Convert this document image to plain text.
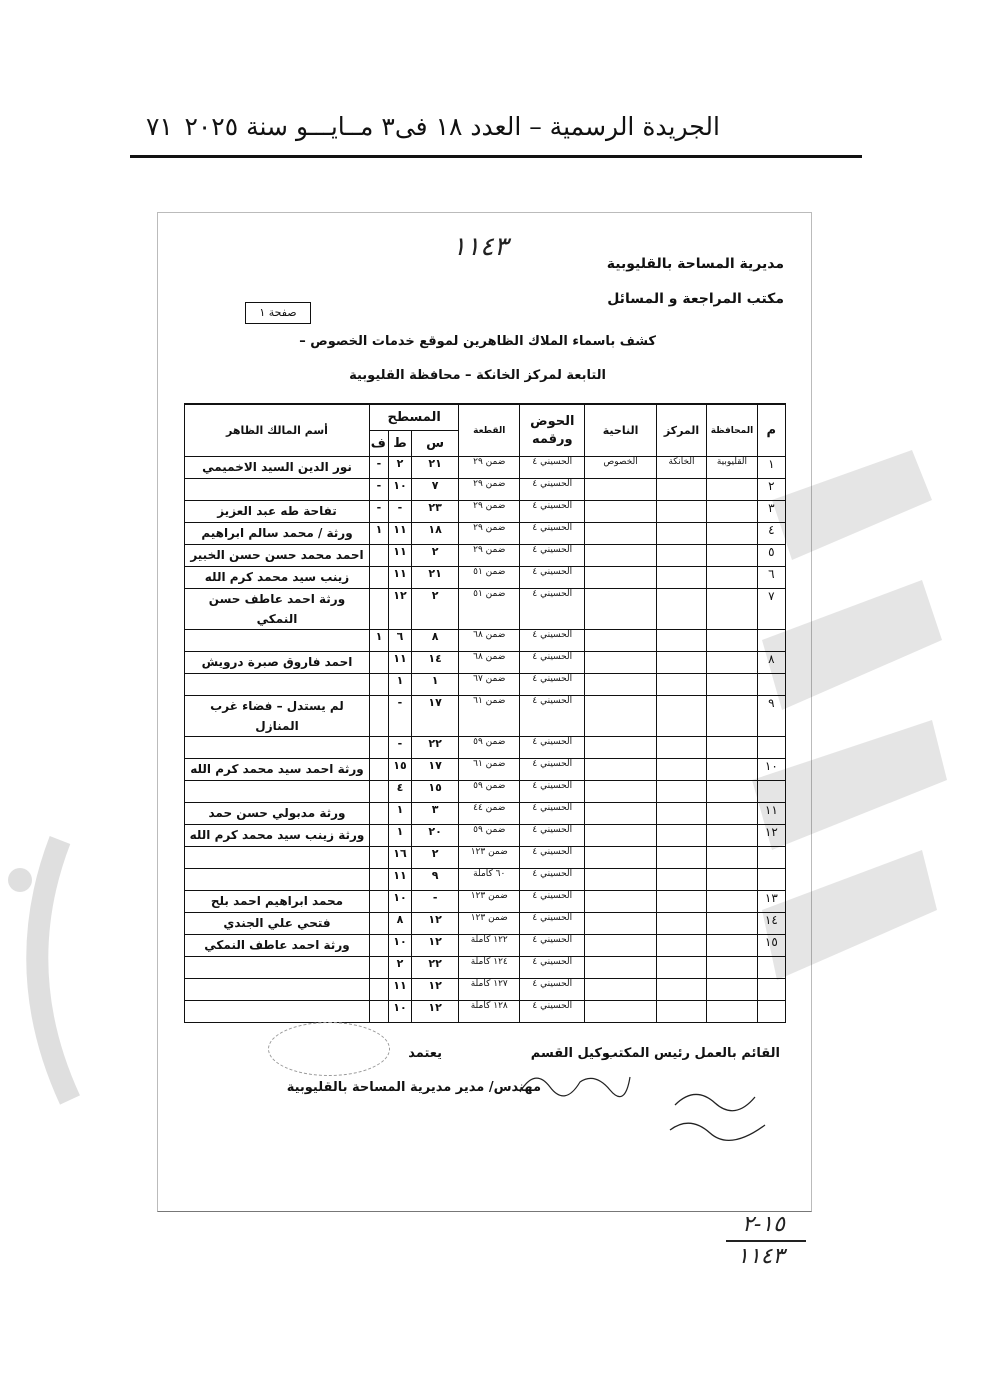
الجريدة الرسمية – العدد ١٨ فى٣ مــايـــو سنة ٢٠٢٥
٧١
١١٤٣
مديرية المساحة بالقليوبية
مكتب المراجعة و المسائل
صفحة ١
كشف باسماء الملاك الظاهرين لموقع خدمات الخصوص –
التابعة لمركز الخانكة – محافظة القليوبية
م	المحافظة	المركز	الناحية	الحوض ورقمه	القطعة	المسطح			أسم المالك الظاهر
						س	ط	ف	
١	القليوبية	الخانكة	الخصوص	الحسيني ٤	ضمن ٢٩	٢١	٢	-	نور الدين السيد الاخميمي
٢				الحسيني ٤	ضمن ٢٩	٧	١٠	-	
٣				الحسيني ٤	ضمن ٢٩	٢٣	-	-	تفاحة طه عبد العزيز
٤				الحسيني ٤	ضمن ٢٩	١٨	١١	١	ورثة / محمد سالم ابراهيم
٥				الحسيني ٤	ضمن ٢٩	٢	١١		احمد محمد حسن حسن الخبير
٦				الحسيني ٤	ضمن ٥١	٢١	١١		زينب سيد محمد كرم الله
٧				الحسيني ٤	ضمن ٥١	٢	١٢		ورثة احمد عاطف حسن النمكي
				الحسيني ٤	ضمن ٦٨	٨	٦	١	
٨				الحسيني ٤	ضمن ٦٨	١٤	١١		احمد فاروق صبرة درويش
				الحسيني ٤	ضمن ٦٧	١	١		
٩				الحسيني ٤	ضمن ٦١	١٧	-		لم يستدل – فضاء غرب المنازل
				الحسيني ٤	ضمن ٥٩	٢٢	-		
١٠				الحسيني ٤	ضمن ٦١	١٧	١٥		ورثة احمد سيد محمد كرم الله
				الحسيني ٤	ضمن ٥٩	١٥	٤		
١١				الحسيني ٤	ضمن ٤٤	٣	١		ورثة مدبولي حسن حمد
١٢				الحسيني ٤	ضمن ٥٩	٢٠	١		ورثة زينب سيد محمد كرم الله
				الحسيني ٤	ضمن ١٢٣	٢	١٦		
				الحسيني ٤	٦٠ كاملة	٩	١١		
١٣				الحسيني ٤	ضمن ١٢٣	-	١٠		محمد ابراهيم احمد بلح
١٤				الحسيني ٤	ضمن ١٢٣	١٢	٨		فتحي علي الجندي
١٥				الحسيني ٤	١٢٢ كاملة	١٢	١٠		ورثة احمد عاطف النمكي
				الحسيني ٤	١٢٤ كاملة	٢٢	٢		
				الحسيني ٤	١٢٧ كاملة	١٢	١١		
				الحسيني ٤	١٢٨ كاملة	١٢	١٠		
القائم بالعمل
رئيس المكتب
وكيل القسم
يعتمد
مهندس/ مدير مديرية المساحة بالقليوبية
١٥-٢
١١٤٣
